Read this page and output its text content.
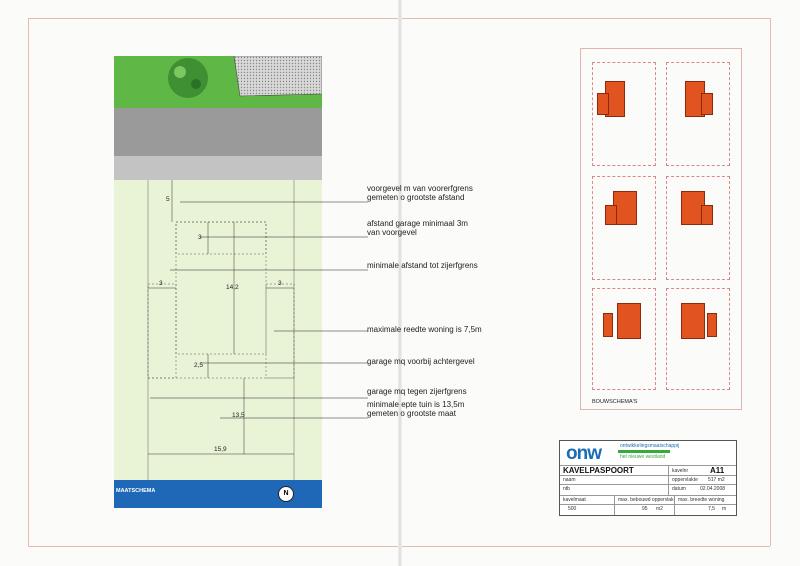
MAATSCHEMA	N
5
3
3	3
14,2
2,5
13,5
15,9
voorgevel m van voorerfgrens
gemeten o grootste afstand
afstand garage minimaal 3m
van voorgevel
minimale afstand tot zijerfgrens
maximale reedte woning is 7,5m
garage mq voorbij achtergevel
garage mq tegen zijerfgrens
minimale epte tuin is 13,5m
gemeten o grootste maat
BOUWSCHEMA'S
onw	ontwikkelingsmaatschappij
het nieuwe westland
KAVELPASPOORT	kavelnr	A11
naam	oppervlakte 517 m2
ntb	datum	02.04.2008
kavelmaat	max. bebouwd oppervlak max. breedte woning
500	95 m2	7,5 m
